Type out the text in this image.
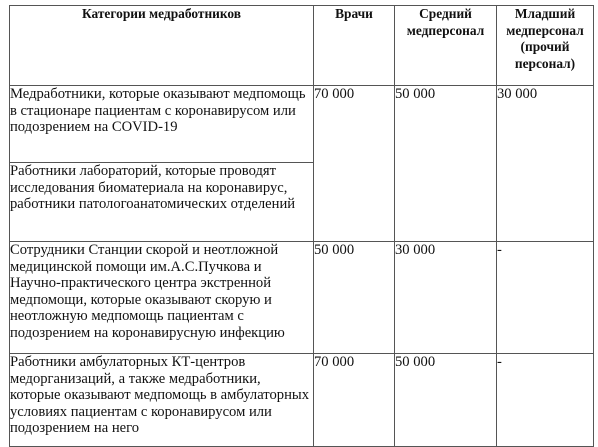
Категории медработников	Врачи	Средний медперсонал	Младший медперсонал (прочий персонал)
Медработники, которые оказывают медпомощь в стационаре пациентам с коронавирусом или подозрением на COVID-19	70 000	50 000	30 000
Работники лабораторий, которые проводят исследования биоматериала на коронавирус, работники патологоанатомических отделений			
Сотрудники Станции скорой и неотложной медицинской помощи им.А.С.Пучкова и Научно-практического центра экстренной медпомощи, которые оказывают скорую и неотложную медпомощь пациентам с подозрением на коронавирусную инфекцию	50 000	30 000	-
Работники амбулаторных КТ-центров медорганизаций, а также медработники, которые оказывают медпомощь в амбулаторных условиях пациентам с коронавирусом или подозрением на него	70 000	50 000	-
